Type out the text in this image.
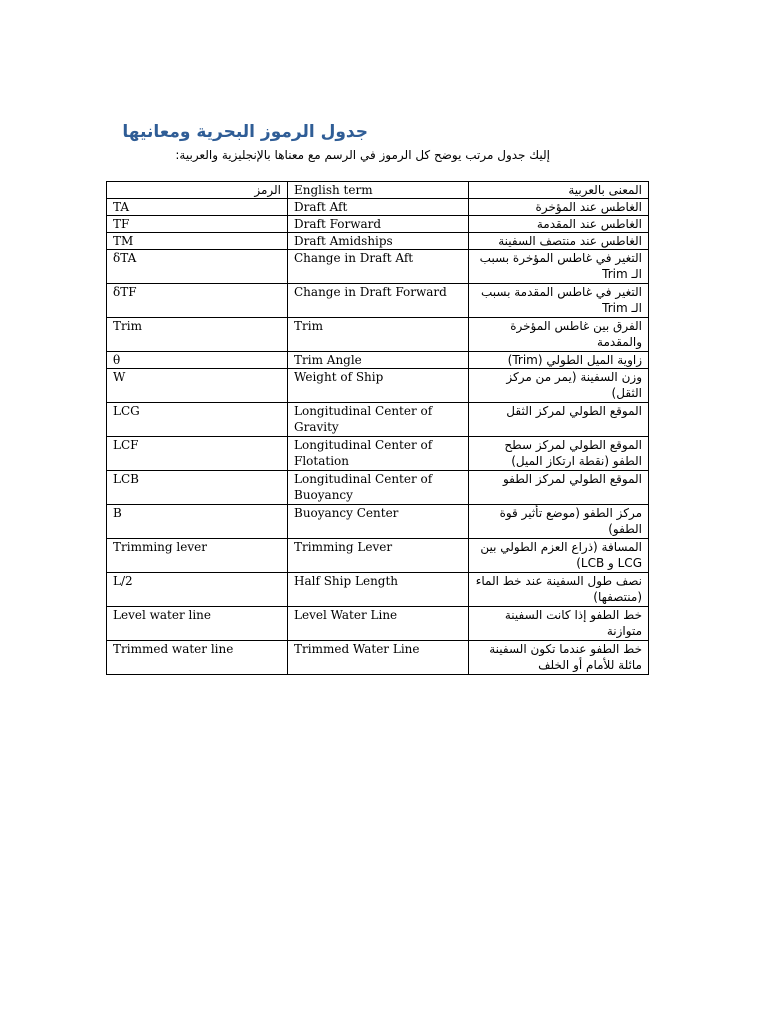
جدول الرموز البحرية ومعانيها
إليك جدول مرتب يوضح كل الرموز في الرسم مع معناها بالإنجليزية والعربية:
الرمز	English term	المعنى بالعربية
TA	Draft Aft	الغاطس عند المؤخرة
TF	Draft Forward	الغاطس عند المقدمة
TM	Draft Amidships	الغاطس عند منتصف السفينة
δTA	Change in Draft Aft	التغير في غاطس المؤخرة بسبب الـ Trim
δTF	Change in Draft Forward	التغير في غاطس المقدمة بسبب الـ Trim
Trim	Trim	الفرق بين غاطس المؤخرة والمقدمة
θ	Trim Angle	زاوية الميل الطولي (Trim)
W	Weight of Ship	وزن السفينة (يمر من مركز الثقل)
LCG	Longitudinal Center of Gravity	الموقع الطولي لمركز الثقل
LCF	Longitudinal Center of Flotation	الموقع الطولي لمركز سطح الطفو (نقطة ارتكاز الميل)
LCB	Longitudinal Center of Buoyancy	الموقع الطولي لمركز الطفو
B	Buoyancy Center	مركز الطفو (موضع تأثير قوة الطفو)
Trimming lever	Trimming Lever	المسافة (ذراع العزم الطولي بين LCG و LCB)
L/2	Half Ship Length	نصف طول السفينة عند خط الماء (منتصفها)
Level water line	Level Water Line	خط الطفو إذا كانت السفينة متوازنة
Trimmed water line	Trimmed Water Line	خط الطفو عندما تكون السفينة مائلة للأمام أو الخلف
